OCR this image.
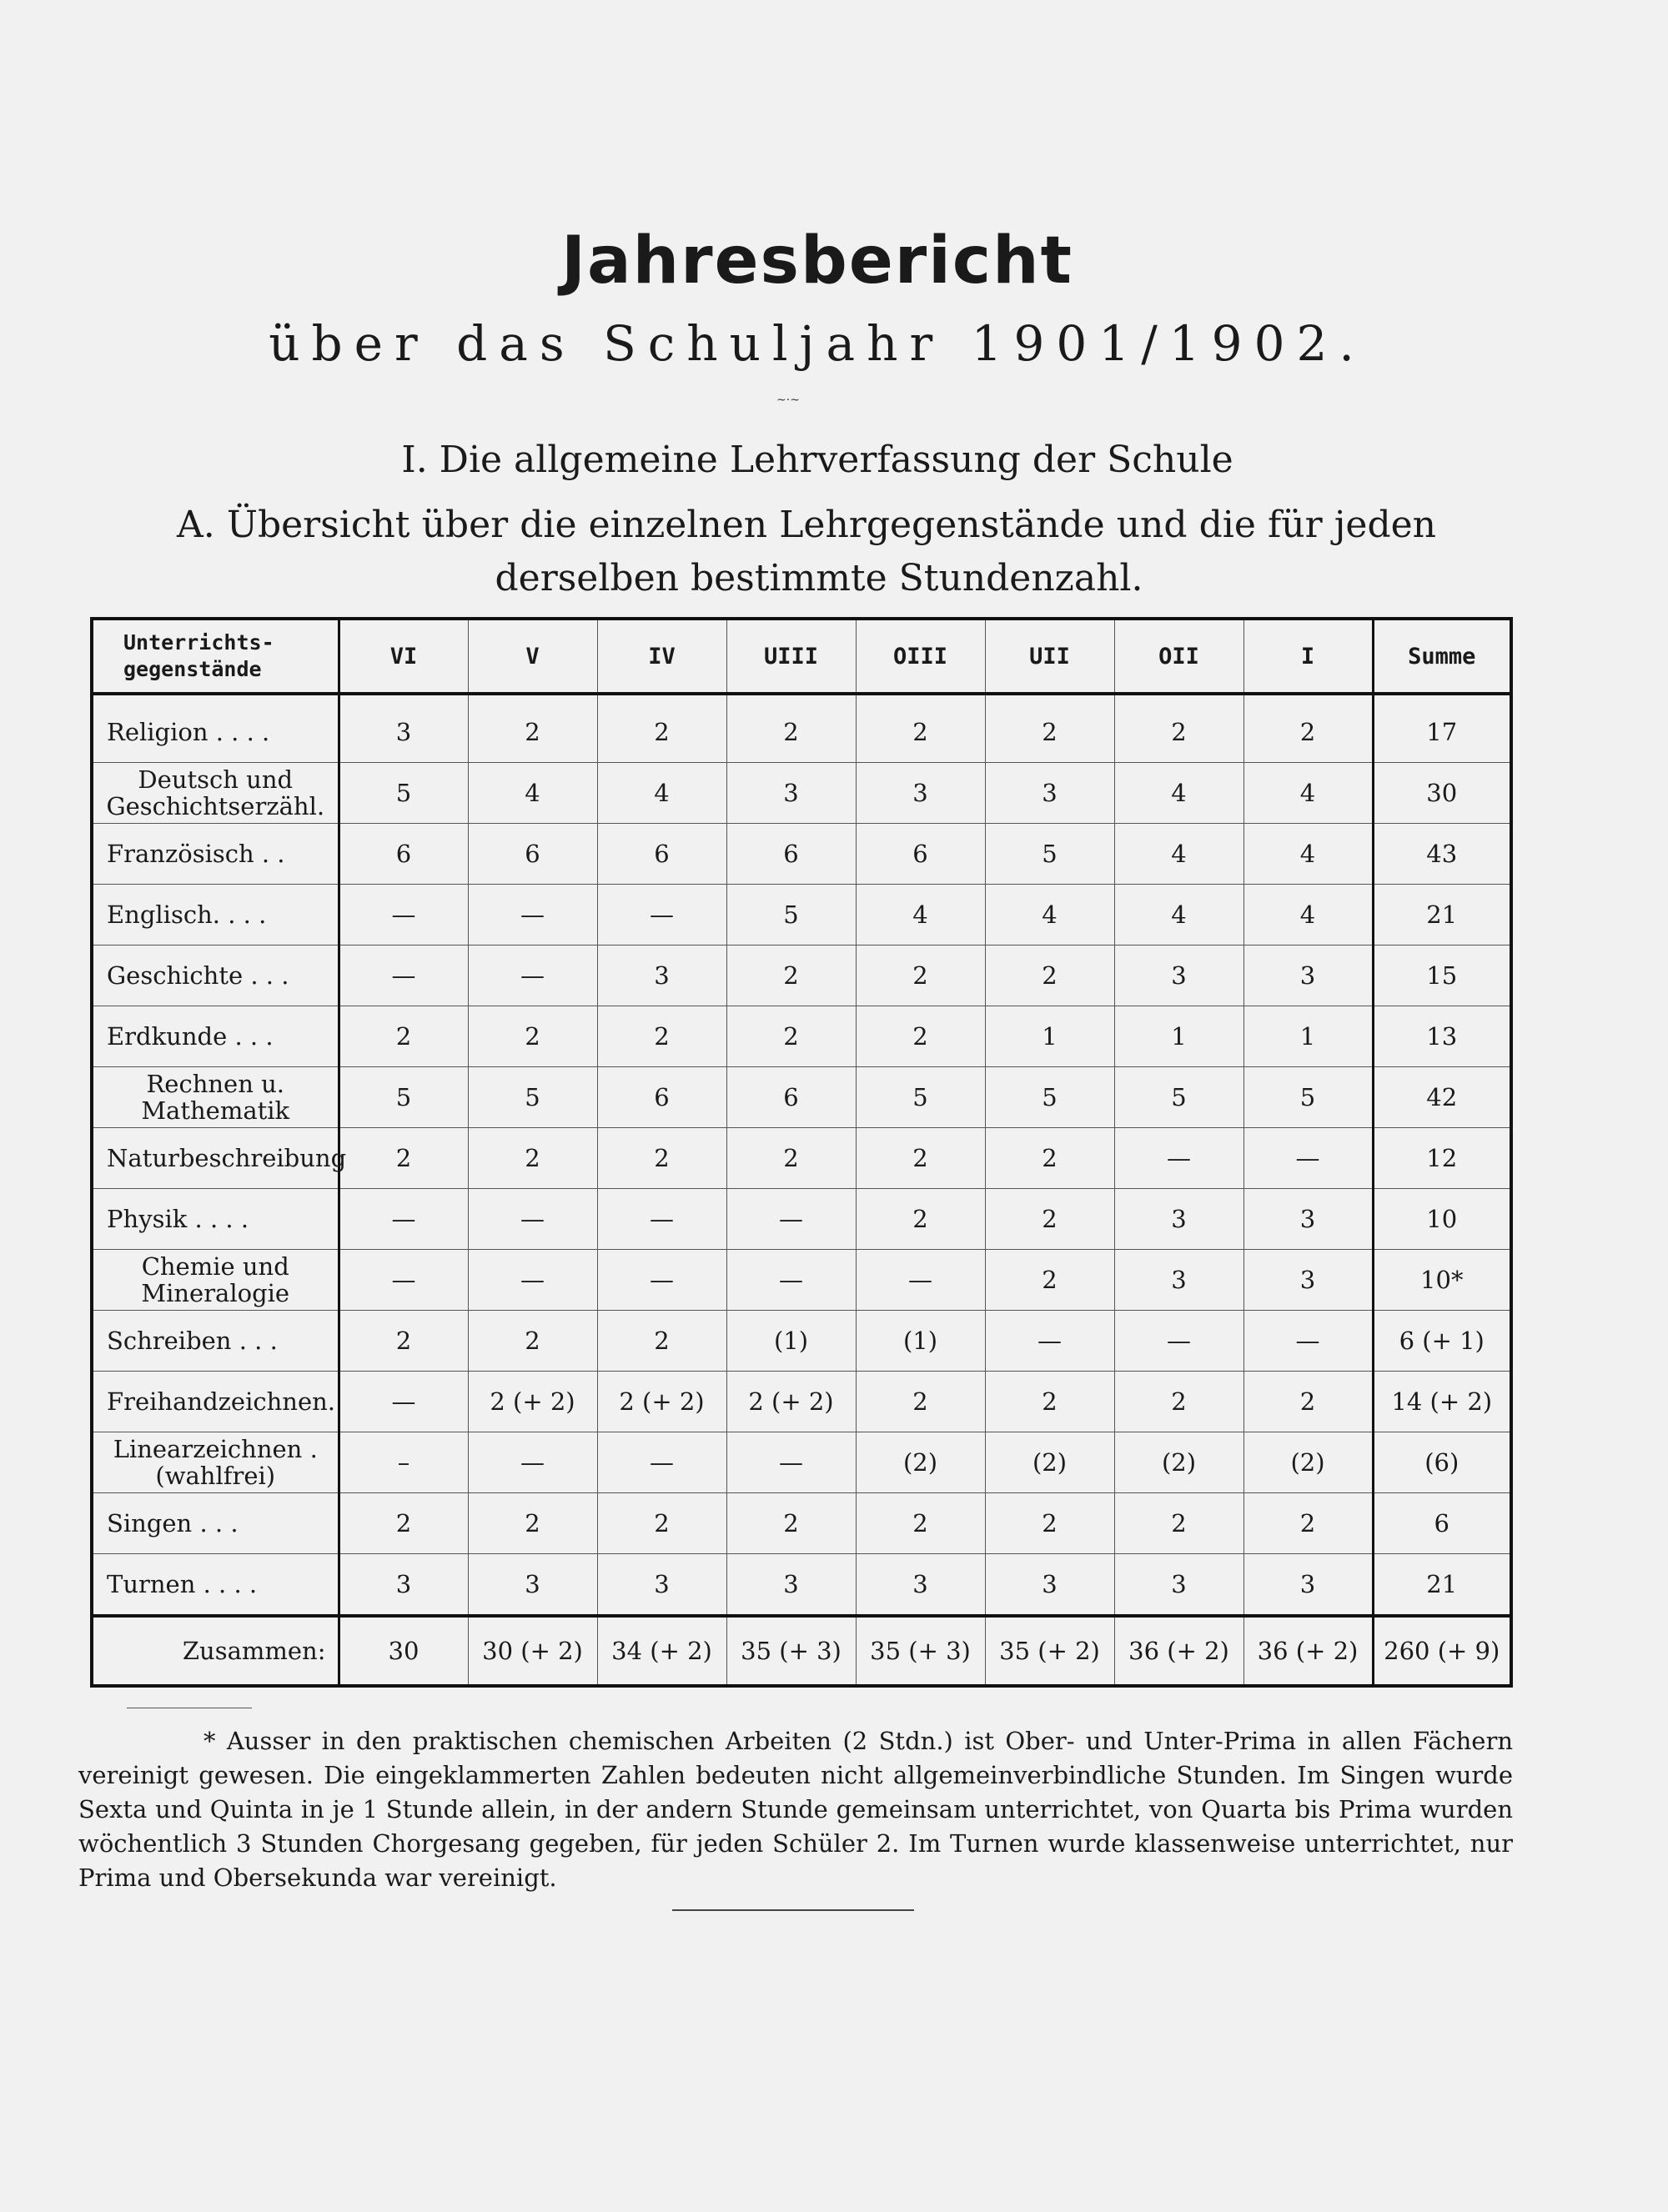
Jahresbericht
über das Schuljahr 1901/1902.
~·~
I. Die allgemeine Lehrverfassung der Schule
A. Übersicht über die einzelnen Lehrgegenstände und die für jeden
derselben bestimmte Stundenzahl.
Unterrichts-gegenstände	VI	V	IV	UIII	OIII	UII	OII	I	Summe
Religion . . . .	3	2	2	2	2	2	2	2	17
Deutsch und Geschichtserzähl.	5	4	4	3	3	3	4	4	30
Französisch . .	6	6	6	6	6	5	4	4	43
Englisch. . . .	—	—	—	5	4	4	4	4	21
Geschichte . . .	—	—	3	2	2	2	3	3	15
Erdkunde . . .	2	2	2	2	2	1	1	1	13
Rechnen u. Mathematik	5	5	6	6	5	5	5	5	42
Naturbeschreibung	2	2	2	2	2	2	—	—	12
Physik . . . .	—	—	—	—	2	2	3	3	10
Chemie und Mineralogie	—	—	—	—	—	2	3	3	10*
Schreiben . . .	2	2	2	(1)	(1)	—	—	—	6 (+ 1)
Freihandzeichnen.	—	2 (+ 2)	2 (+ 2)	2 (+ 2)	2	2	2	2	14 (+ 2)
Linearzeichnen . (wahlfrei)	–	—	—	—	(2)	(2)	(2)	(2)	(6)
Singen . . .	2	2	2	2	2	2	2	2	6
Turnen . . . .	3	3	3	3	3	3	3	3	21
Zusammen:	30	30 (+ 2)	34 (+ 2)	35 (+ 3)	35 (+ 3)	35 (+ 2)	36 (+ 2)	36 (+ 2)	260 (+ 9)
* Ausser in den praktischen chemischen Arbeiten (2 Stdn.) ist Ober- und Unter-Prima in allen Fächern
vereinigt gewesen. Die eingeklammerten Zahlen bedeuten nicht allgemeinverbindliche Stunden. Im Singen wurde
Sexta und Quinta in je 1 Stunde allein, in der andern Stunde gemeinsam unterrichtet, von Quarta bis Prima wurden
wöchentlich 3 Stunden Chorgesang gegeben, für jeden Schüler 2. Im Turnen wurde klassenweise unterrichtet, nur
Prima und Obersekunda war vereinigt.
